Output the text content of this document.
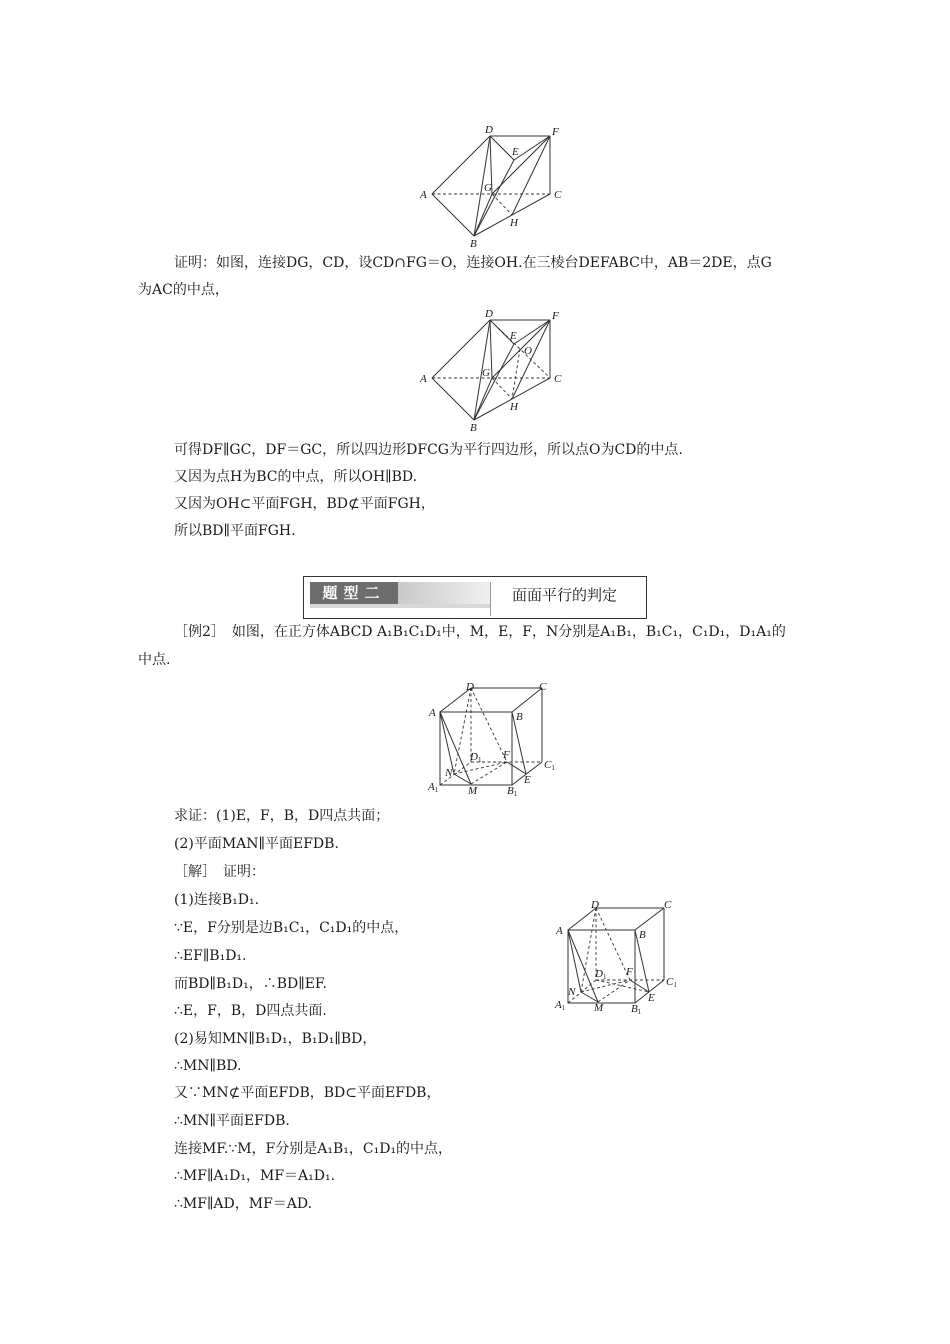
A
B
C
D
E
F
G
H
证明：如图，连接DG，CD，设CD∩FG＝O，连接OH.在三棱台DEFABC中，AB＝2DE，点G
为AC的中点，
A
B
C
D
E
F
G
H
O
可得DF∥GC，DF＝GC，所以四边形DFCG为平行四边形，所以点O为CD的中点.
又因为点H为BC的中点，所以OH∥BD.
又因为OH⊂平面FGH，BD⊄平面FGH，
所以BD∥平面FGH.
题型二	面面平行的判定
［例2］　如图，在正方体ABCD A₁B₁C₁D₁中，M，E，F，N分别是A₁B₁，B₁C₁，C₁D₁，D₁A₁的
中点.
A	B
C
D
D1
A1	B1
C1
E
F
M
N
求证：(1)E，F，B，D四点共面；
(2)平面MAN∥平面EFDB.
［解］　证明：
(1)连接B₁D₁.
∵E，F分别是边B₁C₁，C₁D₁的中点，
∴EF∥B₁D₁.
而BD∥B₁D₁，∴BD∥EF.
∴E，F，B，D四点共面.
(2)易知MN∥B₁D₁，B₁D₁∥BD，
∴MN∥BD.
又∵MN⊄平面EFDB，BD⊂平面EFDB，
∴MN∥平面EFDB.
连接MF.∵M，F分别是A₁B₁，C₁D₁的中点，
∴MF∥A₁D₁，MF＝A₁D₁.
∴MF∥AD，MF＝AD.
A	B
C
D
D1
A1	B1
C1
E
F
M
N
